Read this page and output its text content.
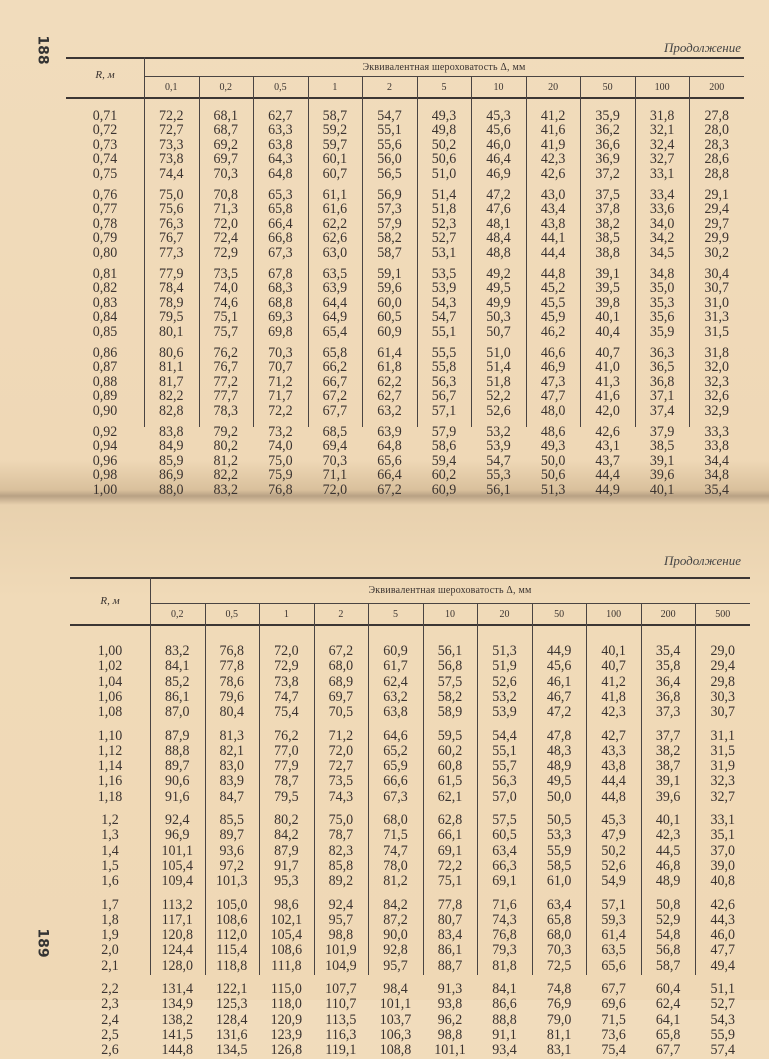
188	Продолжение
R, м
Эквивалентная шероховатость Δ, мм
0,1	0,2	0,5	1	2	5	10	20	50	100	200
0,71	72,2	68,1	62,7	58,7	54,7	49,3	45,3	41,2	35,9	31,8	27,8
0,72	72,7	68,7	63,3	59,2	55,1	49,8	45,6	41,6	36,2	32,1	28,0
0,73	73,3	69,2	63,8	59,7	55,6	50,2	46,0	41,9	36,6	32,4	28,3
0,74	73,8	69,7	64,3	60,1	56,0	50,6	46,4	42,3	36,9	32,7	28,6
0,75	74,4	70,3	64,8	60,7	56,5	51,0	46,9	42,6	37,2	33,1	28,8
0,76	75,0	70,8	65,3	61,1	56,9	51,4	47,2	43,0	37,5	33,4	29,1
0,77	75,6	71,3	65,8	61,6	57,3	51,8	47,6	43,4	37,8	33,6	29,4
0,78	76,3	72,0	66,4	62,2	57,9	52,3	48,1	43,8	38,2	34,0	29,7
0,79	76,7	72,4	66,8	62,6	58,2	52,7	48,4	44,1	38,5	34,2	29,9
0,80	77,3	72,9	67,3	63,0	58,7	53,1	48,8	44,4	38,8	34,5	30,2
0,81	77,9	73,5	67,8	63,5	59,1	53,5	49,2	44,8	39,1	34,8	30,4
0,82	78,4	74,0	68,3	63,9	59,6	53,9	49,5	45,2	39,5	35,0	30,7
0,83	78,9	74,6	68,8	64,4	60,0	54,3	49,9	45,5	39,8	35,3	31,0
0,84	79,5	75,1	69,3	64,9	60,5	54,7	50,3	45,9	40,1	35,6	31,3
0,85	80,1	75,7	69,8	65,4	60,9	55,1	50,7	46,2	40,4	35,9	31,5
0,86	80,6	76,2	70,3	65,8	61,4	55,5	51,0	46,6	40,7	36,3	31,8
0,87	81,1	76,7	70,7	66,2	61,8	55,8	51,4	46,9	41,0	36,5	32,0
0,88	81,7	77,2	71,2	66,7	62,2	56,3	51,8	47,3	41,3	36,8	32,3
0,89	82,2	77,7	71,7	67,2	62,7	56,7	52,2	47,7	41,6	37,1	32,6
0,90	82,8	78,3	72,2	67,7	63,2	57,1	52,6	48,0	42,0	37,4	32,9
0,92	83,8	79,2	73,2	68,5	63,9	57,9	53,2	48,6	42,6	37,9	33,3
0,94	84,9	80,2	74,0	69,4	64,8	58,6	53,9	49,3	43,1	38,5	33,8
0,96	85,9	81,2	75,0	70,3	65,6	59,4	54,7	50,0	43,7	39,1	34,4
0,98	86,9	82,2	75,9	71,1	66,4	60,2	55,3	50,6	44,4	39,6	34,8
1,00	88,0	83,2	76,8	72,0	67,2	60,9	56,1	51,3	44,9	40,1	35,4
189
Продолжение
R, м
Эквивалентная шероховатость Δ, мм
0,2	0,5	1	2	5	10	20	50	100	200	500
1,00	83,2	76,8	72,0	67,2	60,9	56,1	51,3	44,9	40,1	35,4	29,0
1,02	84,1	77,8	72,9	68,0	61,7	56,8	51,9	45,6	40,7	35,8	29,4
1,04	85,2	78,6	73,8	68,9	62,4	57,5	52,6	46,1	41,2	36,4	29,8
1,06	86,1	79,6	74,7	69,7	63,2	58,2	53,2	46,7	41,8	36,8	30,3
1,08	87,0	80,4	75,4	70,5	63,8	58,9	53,9	47,2	42,3	37,3	30,7
1,10	87,9	81,3	76,2	71,2	64,6	59,5	54,4	47,8	42,7	37,7	31,1
1,12	88,8	82,1	77,0	72,0	65,2	60,2	55,1	48,3	43,3	38,2	31,5
1,14	89,7	83,0	77,9	72,7	65,9	60,8	55,7	48,9	43,8	38,7	31,9
1,16	90,6	83,9	78,7	73,5	66,6	61,5	56,3	49,5	44,4	39,1	32,3
1,18	91,6	84,7	79,5	74,3	67,3	62,1	57,0	50,0	44,8	39,6	32,7
1,2	92,4	85,5	80,2	75,0	68,0	62,8	57,5	50,5	45,3	40,1	33,1
1,3	96,9	89,7	84,2	78,7	71,5	66,1	60,5	53,3	47,9	42,3	35,1
1,4	101,1	93,6	87,9	82,3	74,7	69,1	63,4	55,9	50,2	44,5	37,0
1,5	105,4	97,2	91,7	85,8	78,0	72,2	66,3	58,5	52,6	46,8	39,0
1,6	109,4	101,3	95,3	89,2	81,2	75,1	69,1	61,0	54,9	48,9	40,8
1,7	113,2	105,0	98,6	92,4	84,2	77,8	71,6	63,4	57,1	50,8	42,6
1,8	117,1	108,6	102,1	95,7	87,2	80,7	74,3	65,8	59,3	52,9	44,3
1,9	120,8	112,0	105,4	98,8	90,0	83,4	76,8	68,0	61,4	54,8	46,0
2,0	124,4	115,4	108,6	101,9	92,8	86,1	79,3	70,3	63,5	56,8	47,7
2,1	128,0	118,8	111,8	104,9	95,7	88,7	81,8	72,5	65,6	58,7	49,4
2,2	131,4	122,1	115,0	107,7	98,4	91,3	84,1	74,8	67,7	60,4	51,1
2,3	134,9	125,3	118,0	110,7	101,1	93,8	86,6	76,9	69,6	62,4	52,7
2,4	138,2	128,4	120,9	113,5	103,7	96,2	88,8	79,0	71,5	64,1	54,3
2,5	141,5	131,6	123,9	116,3	106,3	98,8	91,1	81,1	73,6	65,8	55,9
2,6	144,8	134,5	126,8	119,1	108,8	101,1	93,4	83,1	75,4	67,7	57,4
